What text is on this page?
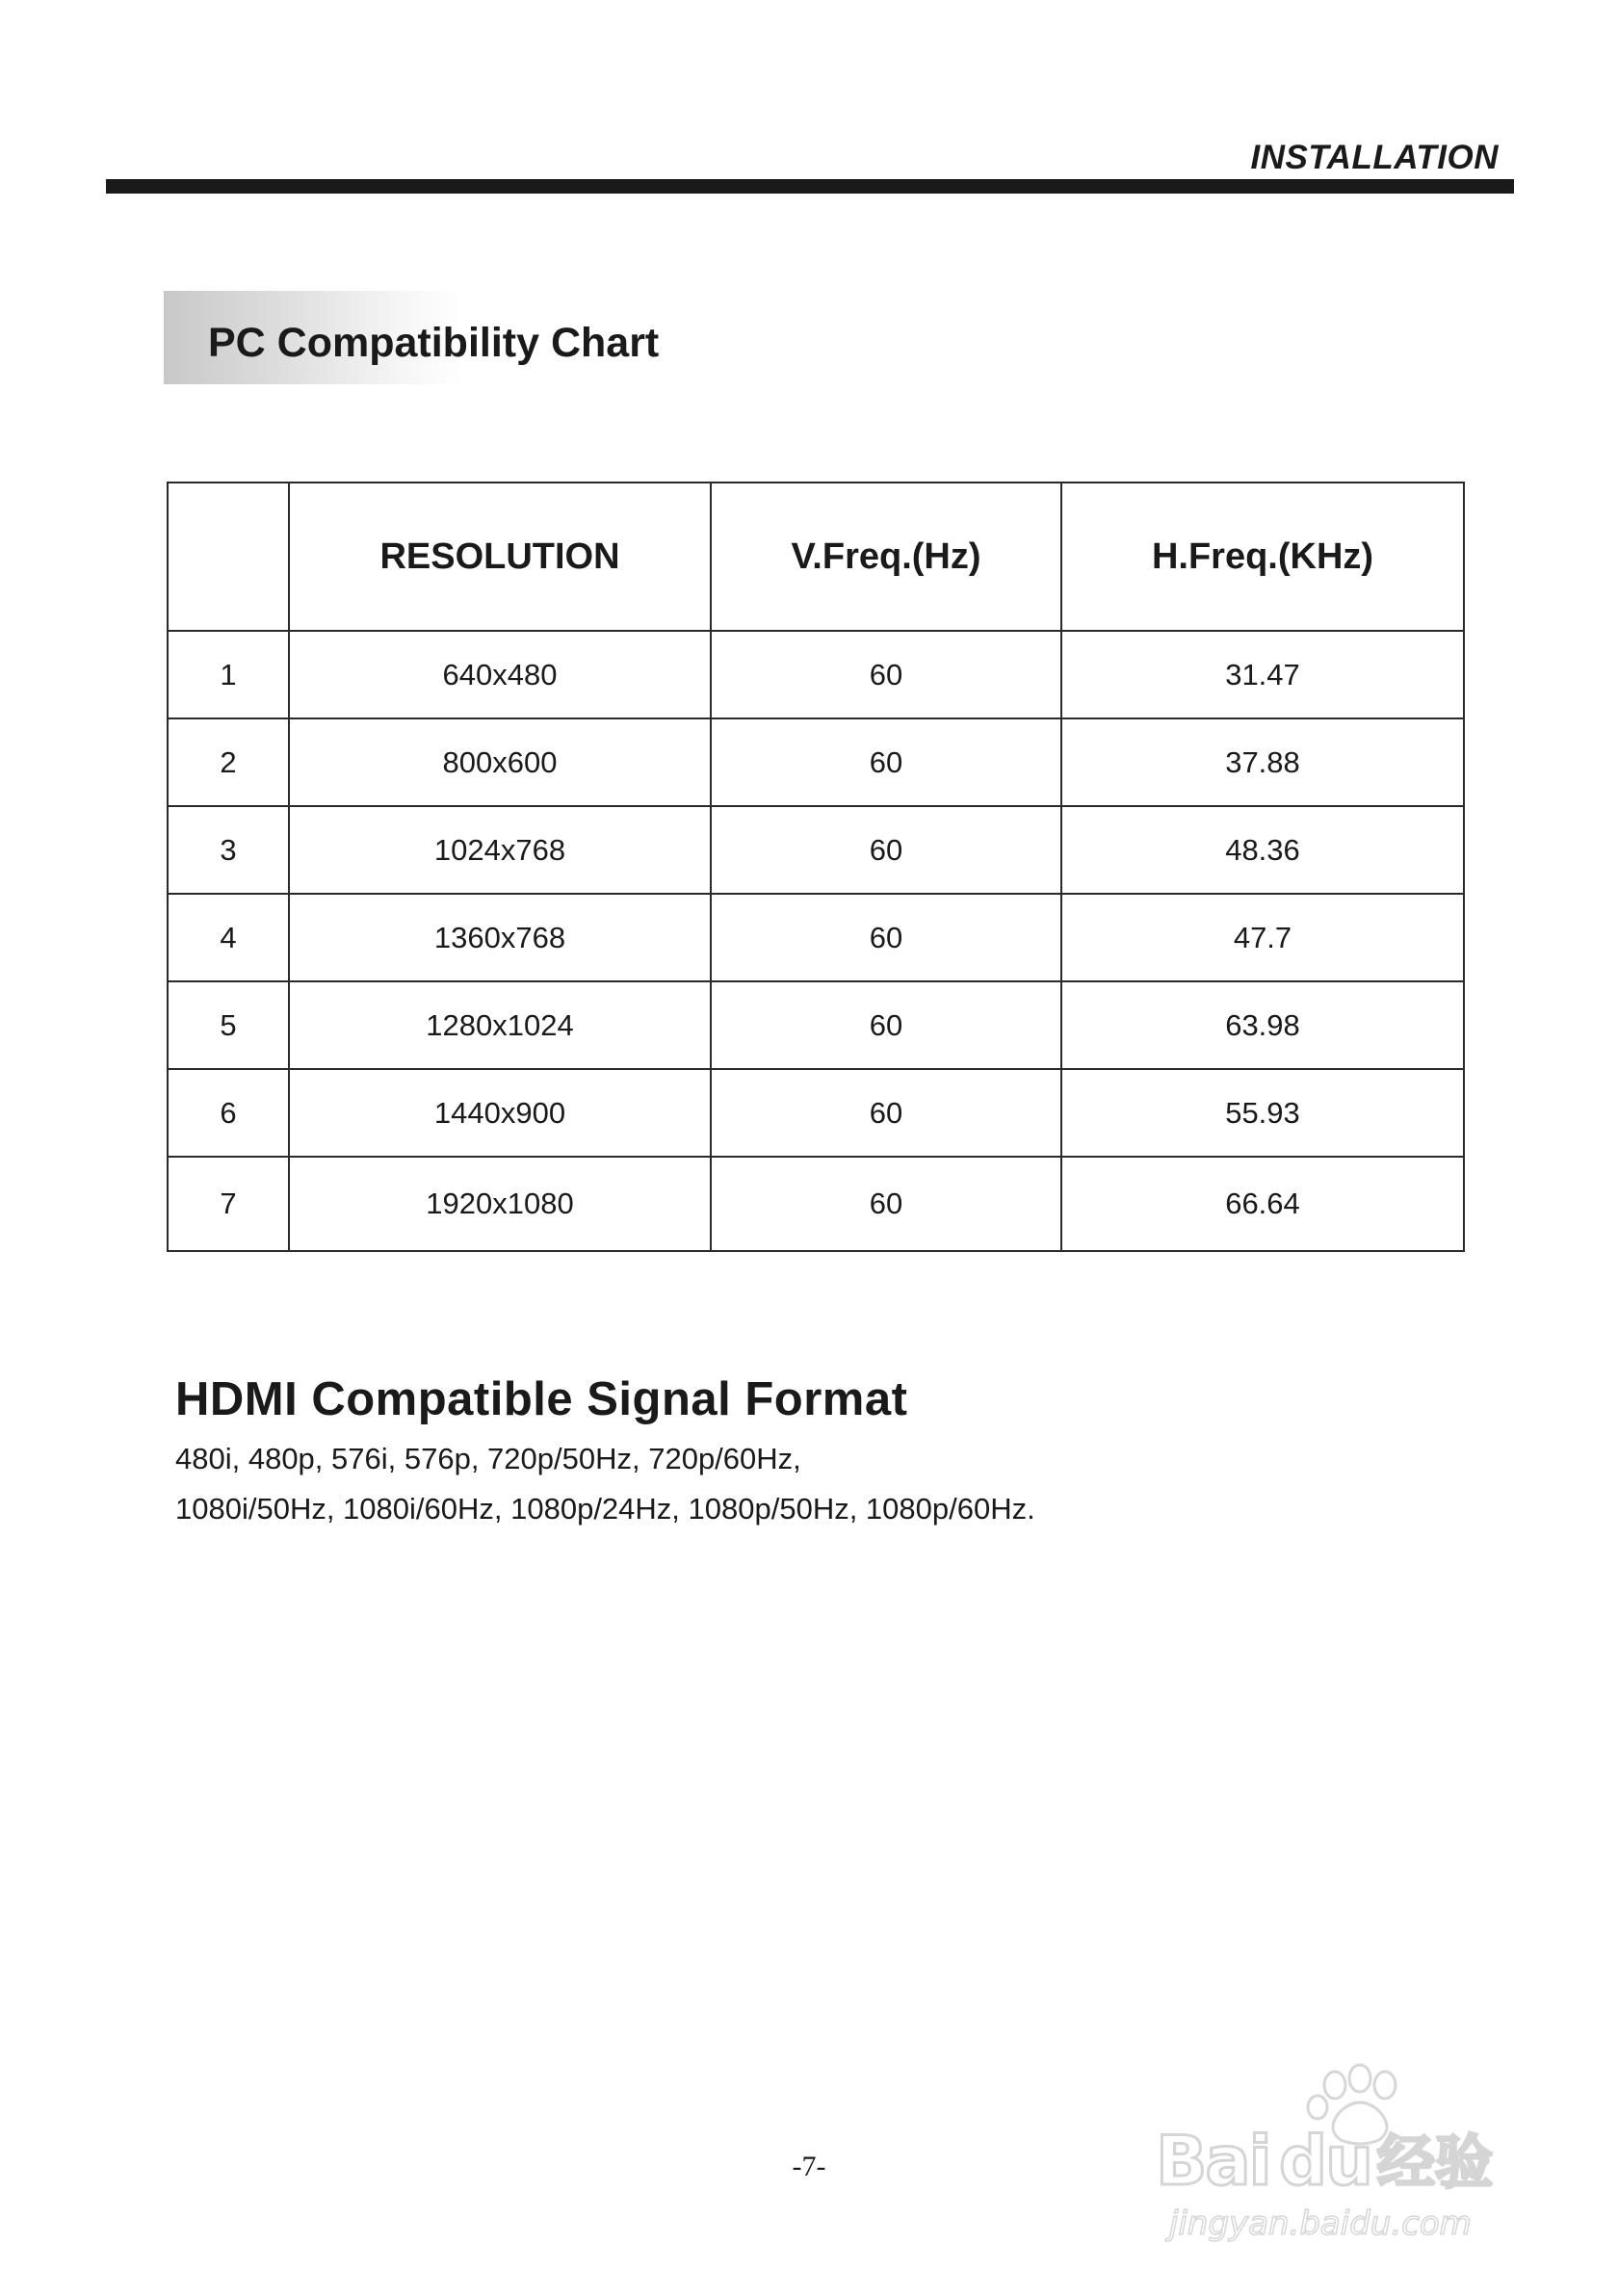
INSTALLATION
PC Compatibility Chart
	RESOLUTION	V.Freq.(Hz)	H.Freq.(KHz)
1	640x480	60	31.47
2	800x600	60	37.88
3	1024x768	60	48.36
4	1360x768	60	47.7
5	1280x1024	60	63.98
6	1440x900	60	55.93
7	1920x1080	60	66.64
HDMI Compatible Signal Format
480i, 480p, 576i, 576p, 720p/50Hz, 720p/60Hz,
1080i/50Hz, 1080i/60Hz, 1080p/24Hz, 1080p/50Hz, 1080p/60Hz.
-7-	Bai du 经验
jingyan.baidu.com
